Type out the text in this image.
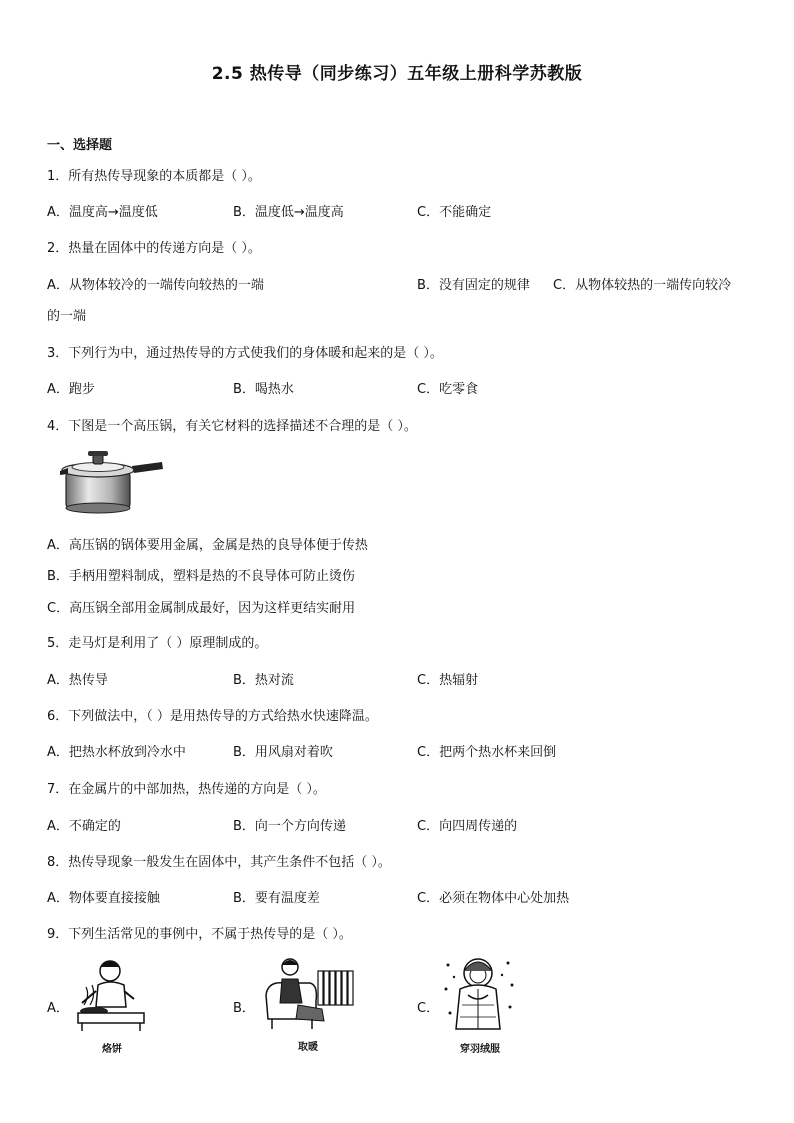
2.5 热传导（同步练习）五年级上册科学苏教版
一、选择题
1．所有热传导现象的本质都是（ ）。
A．温度高→温度低	B．温度低→温度高	C．不能确定
2．热量在固体中的传递方向是（ ）。
A．从物体较冷的一端传向较热的一端	B．没有固定的规律 C．从物体较热的一端传向较冷
的一端
3．下列行为中，通过热传导的方式使我们的身体暖和起来的是（ ）。
A．跑步	B．喝热水	C．吃零食
4．下图是一个高压锅，有关它材料的选择描述不合理的是（ ）。
A．高压锅的锅体要用金属，金属是热的良导体便于传热
B．手柄用塑料制成，塑料是热的不良导体可防止烫伤
C．高压锅全部用金属制成最好，因为这样更结实耐用
5．走马灯是利用了（ ）原理制成的。
A．热传导	B．热对流	C．热辐射
6．下列做法中，（ ）是用热传导的方式给热水快速降温。
A．把热水杯放到冷水中	B．用风扇对着吹	C．把两个热水杯来回倒
7．在金属片的中部加热，热传递的方向是（ ）。
A．不确定的	B．向一个方向传递	C．向四周传递的
8．热传导现象一般发生在固体中，其产生条件不包括（ ）。
A．物体要直接接触	B．要有温度差	C．必须在物体中心处加热
9．下列生活常见的事例中，不属于热传导的是（ ）。
A．
烙饼
B．
取暖
C．
穿羽绒服
